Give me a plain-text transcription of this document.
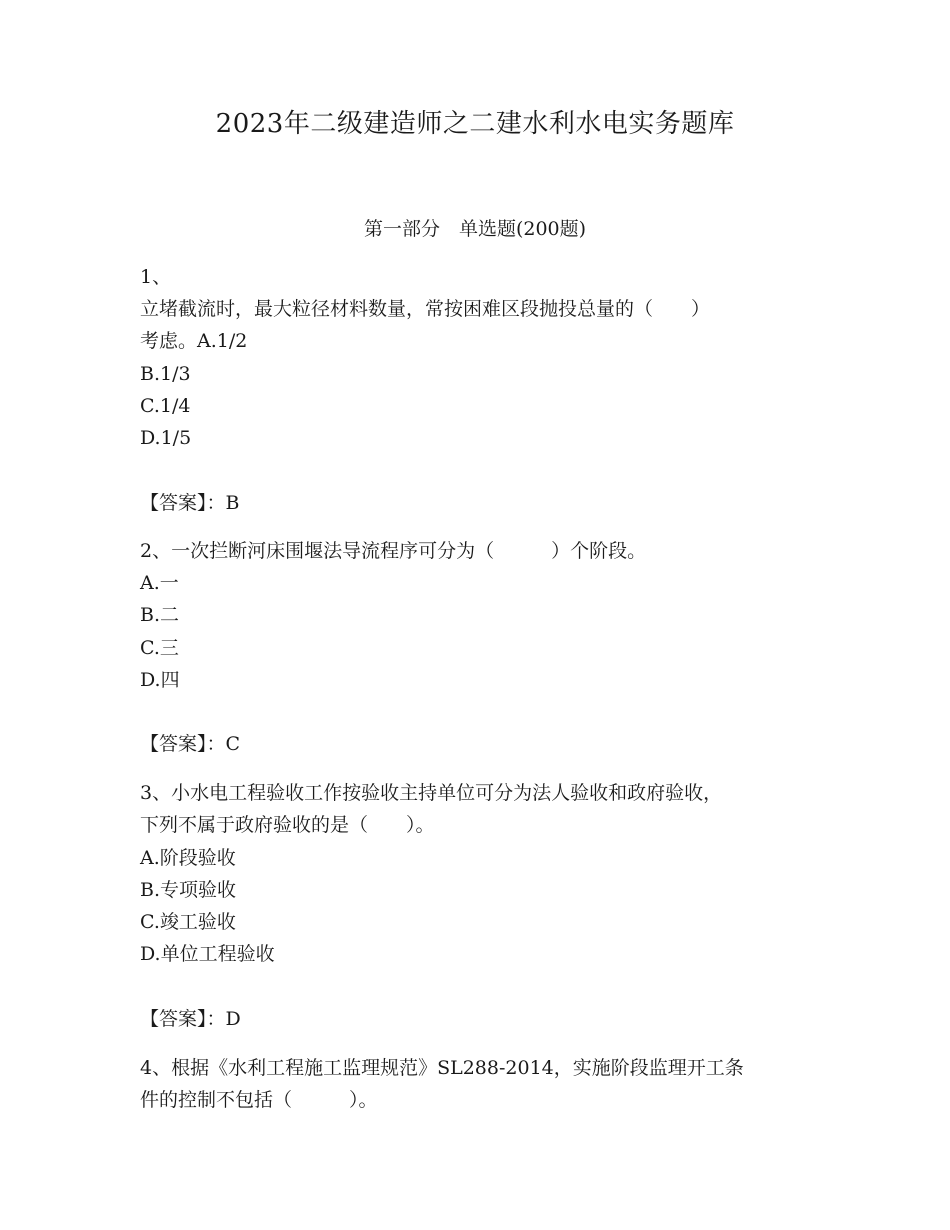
2023年二级建造师之二建水利水电实务题库
第一部分　单选题(200题)
1、
立堵截流时，最大粒径材料数量，常按困难区段抛投总量的（　　）
考虑。A.1/2
B.1/3
C.1/4
D.1/5
【答案】：B
2、一次拦断河床围堰法导流程序可分为（　　　）个阶段。
A.一
B.二
C.三
D.四
【答案】：C
3、小水电工程验收工作按验收主持单位可分为法人验收和政府验收，
下列不属于政府验收的是（　　）。
A.阶段验收
B.专项验收
C.竣工验收
D.单位工程验收
【答案】：D
4、根据《水利工程施工监理规范》SL288-2014，实施阶段监理开工条
件的控制不包括（　　　）。
